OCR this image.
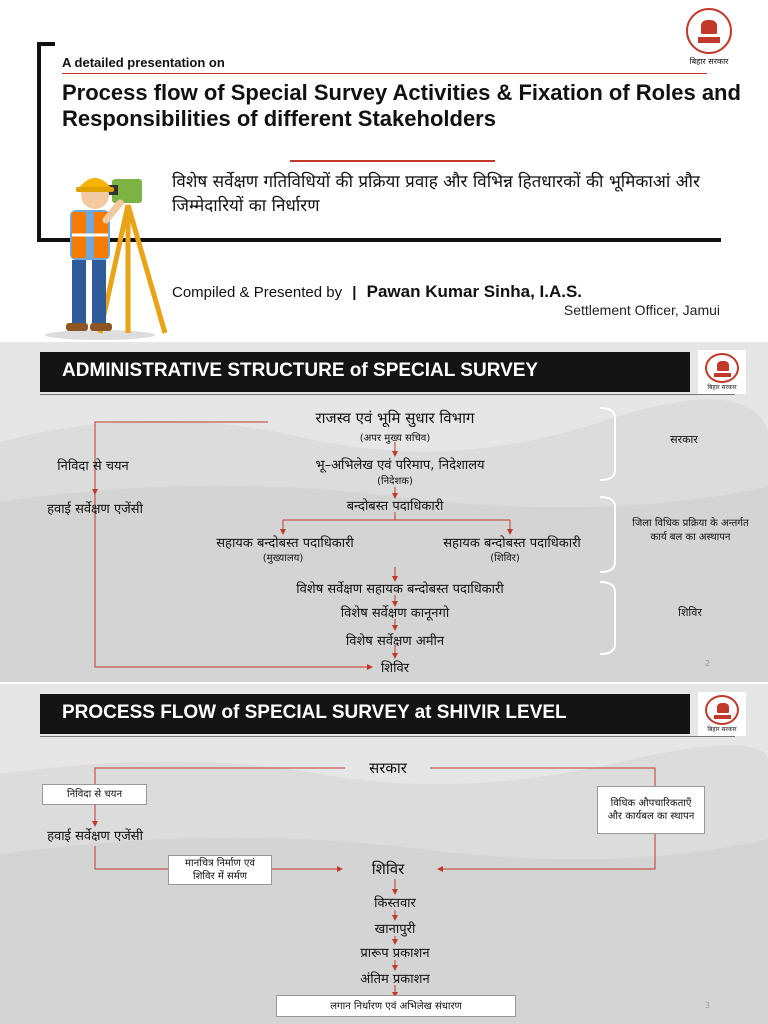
A detailed presentation on
Process flow of Special Survey Activities & Fixation of Roles and Responsibilities of different Stakeholders
विशेष सर्वेक्षण गतिविधियों की प्रक्रिया प्रवाह और विभिन्न हितधारकों की भूमिकाआं और जिम्मेदारियों का निर्धारण
बिहार सरकार
Compiled & Presented by | Pawan Kumar Sinha, I.A.S.
Settlement Officer, Jamui
ADMINISTRATIVE STRUCTURE of SPECIAL SURVEY
बिहार सरकार
राजस्व एवं भूमि सुधार विभाग
(अपर मुख्य सचिव)
भू–अभिलेख एवं परिमाप, निदेशालय
(निदेशक)
बन्दोबस्त पदाधिकारी
सहायक बन्दोबस्त पदाधिकारी
(मुख्यालय)
सहायक बन्दोबस्त पदाधिकारी
(शिविर)
विशेष सर्वेक्षण सहायक बन्दोबस्त पदाधिकारी
विशेष सर्वेक्षण कानूनगो
विशेष सर्वेक्षण अमीन
शिविर
निविदा से चयन
हवाई सर्वेक्षण एजेंसी
सरकार
जिला विधिक प्रक्रिया के अन्तर्गत कार्य बल का अस्थापन
शिविर
2
PROCESS FLOW of SPECIAL SURVEY at SHIVIR LEVEL
बिहार सरकार
सरकार
निविदा से चयन
हवाई सर्वेक्षण एजेंसी
विधिक औपचारिकताएँ और कार्यबल का स्थापन
मानचित्र निर्माण एवं शिविर में सर्मण	शिविर
किस्तवार
खानापुरी
प्रारूप प्रकाशन
अंतिम प्रकाशन
लगान निर्धारण एवं अभिलेख संधारण	3
